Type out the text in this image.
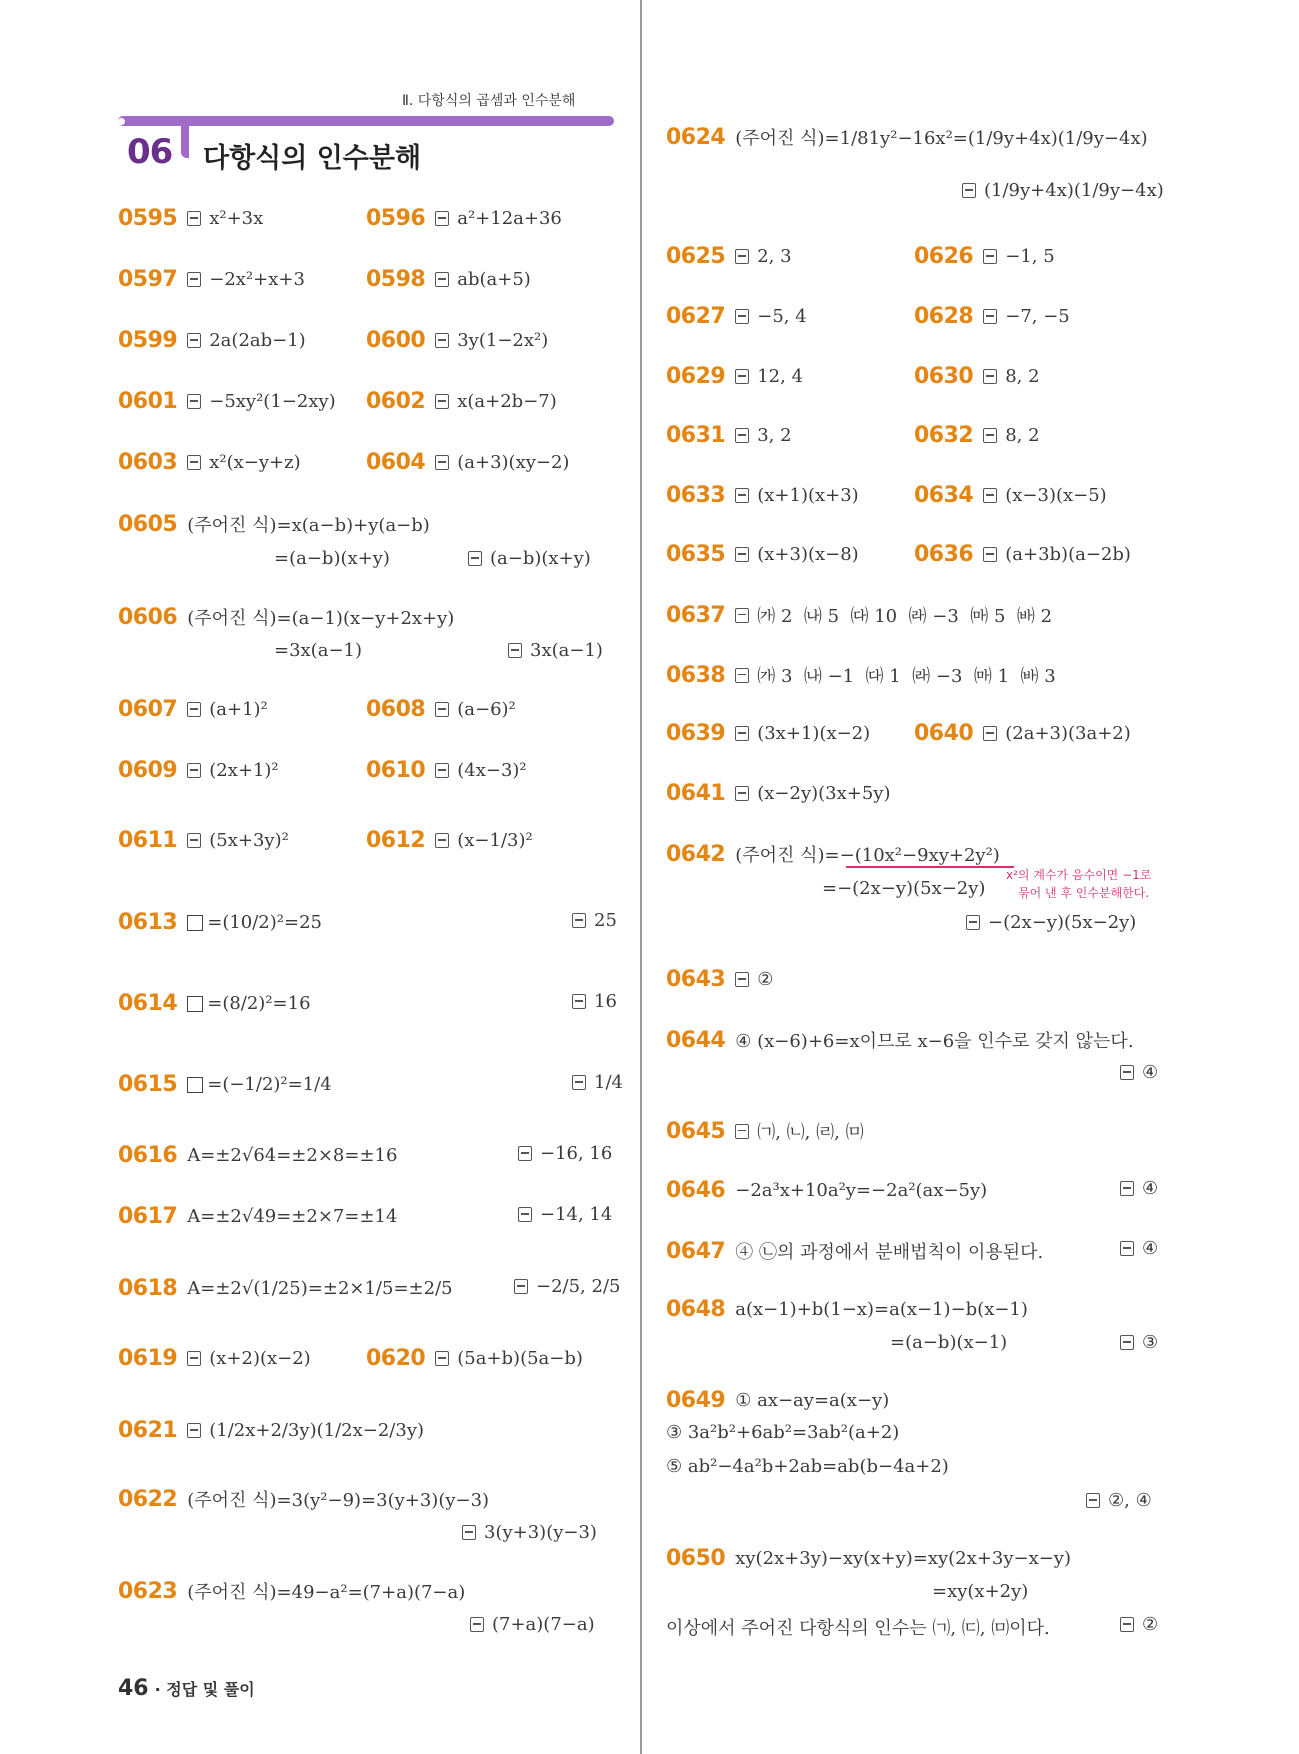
Ⅱ. 다항식의 곱셈과 인수분해
06 다항식의 인수분해
0595 x²+3x	0596 a²+12a+36
0597 −2x²+x+3	0598 ab(a+5)
0599 2a(2ab−1)	0600 3y(1−2x²)
0601 −5xy²(1−2xy) 0602 x(a+2b−7)
0603 x²(x−y+z)	0604 (a+3)(xy−2)
0605 (주어진 식)=x(a−b)+y(a−b)
=(a−b)(x+y)	(a−b)(x+y)
0606 (주어진 식)=(a−1)(x−y+2x+y)
=3x(a−1)	3x(a−1)
0607 (a+1)²	0608 (a−6)²
0609 (2x+1)²	0610 (4x−3)²
0611 (5x+3y)²	0612 (x−1/3)²
0613 =(10/2)²=25	25
0614 =(8/2)²=16	16
0615 =(−1/2)²=1/4	1/4
0616 A=±2√64=±2×8=±16	−16, 16
0617 A=±2√49=±2×7=±14	−14, 14
0618 A=±2√(1/25)=±2×1/5=±2/5	−2/5, 2/5
0619 (x+2)(x−2)	0620 (5a+b)(5a−b)
0621 (1/2x+2/3y)(1/2x−2/3y)
0622 (주어진 식)=3(y²−9)=3(y+3)(y−3)
3(y+3)(y−3)
0623 (주어진 식)=49−a²=(7+a)(7−a)
(7+a)(7−a)
0624 (주어진 식)=1/81y²−16x²=(1/9y+4x)(1/9y−4x)
(1/9y+4x)(1/9y−4x)
0625 2, 3	0626 −1, 5
0627 −5, 4	0628 −7, −5
0629 12, 4	0630 8, 2
0631 3, 2	0632 8, 2
0633 (x+1)(x+3)	0634 (x−3)(x−5)
0635 (x+3)(x−8)	0636 (a+3b)(a−2b)
0637 ㈎ 2  ㈏ 5  ㈐ 10  ㈑ −3  ㈒ 5  ㈓ 2
0638 ㈎ 3  ㈏ −1  ㈐ 1  ㈑ −3  ㈒ 1  ㈓ 3
0639 (3x+1)(x−2) 0640 (2a+3)(3a+2)
0641 (x−2y)(3x+5y)
0642 (주어진 식)=−(10x²−9xy+2y²)
=−(2x−y)(5x−2y)
x²의 계수가 음수이면 −1로
묶어 낸 후 인수분해한다.
−(2x−y)(5x−2y)
0643 ②
0644 ④ (x−6)+6=x이므로 x−6을 인수로 갖지 않는다.
④
0645 ㈀, ㈁, ㈃, ㈄
0646 −2a³x+10a²y=−2a²(ax−5y)	④
0647 ④ ㉡의 과정에서 분배법칙이 이용된다.	④
0648 a(x−1)+b(1−x)=a(x−1)−b(x−1)
=(a−b)(x−1)	③
0649 ① ax−ay=a(x−y)
③ 3a²b²+6ab²=3ab²(a+2)
⑤ ab²−4a²b+2ab=ab(b−4a+2)
②, ④
0650 xy(2x+3y)−xy(x+y)=xy(2x+3y−x−y)
=xy(x+2y)
이상에서 주어진 다항식의 인수는 ㈀, ㈂, ㈄이다.	②
46 · 정답 및 풀이
